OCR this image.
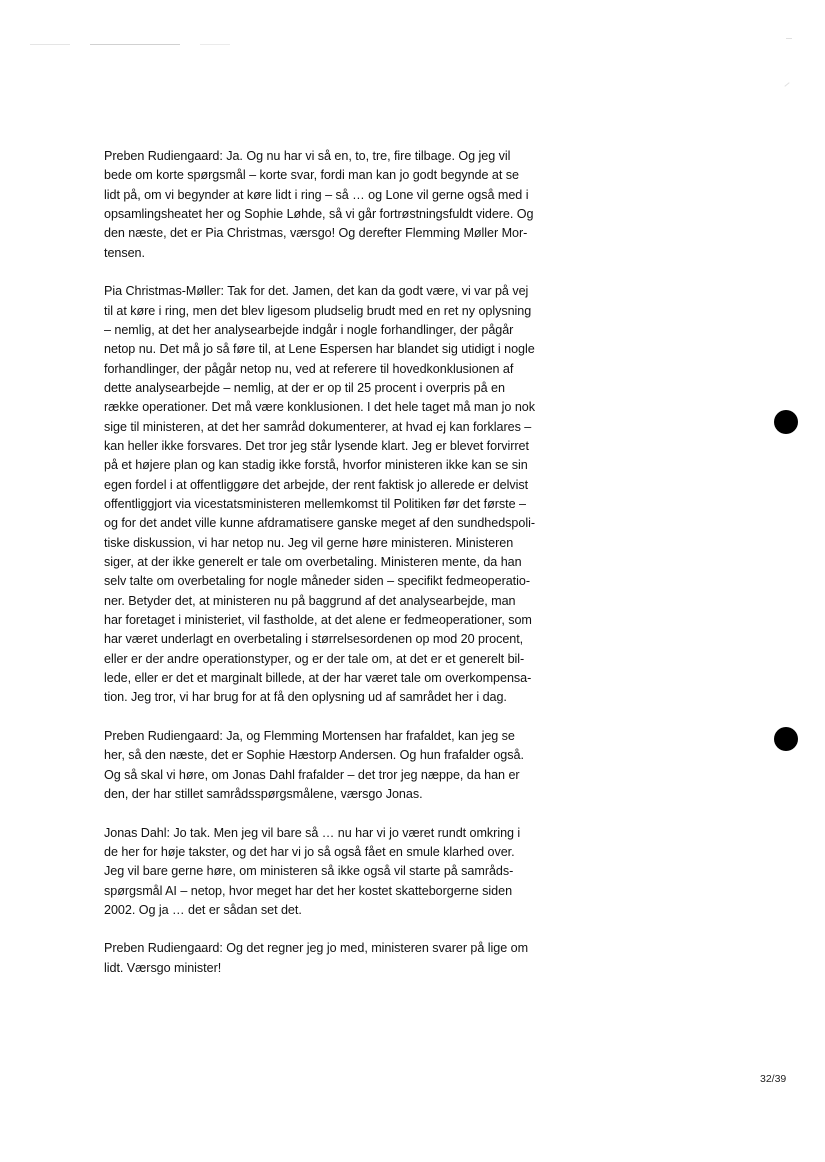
Preben Rudiengaard: Ja. Og nu har vi så en, to, tre, fire tilbage. Og jeg vil
bede om korte spørgsmål – korte svar, fordi man kan jo godt begynde at se
lidt på, om vi begynder at køre lidt i ring – så … og Lone vil gerne også med i
opsamlingsheatet her og Sophie Løhde, så vi går fortrøstningsfuldt videre. Og
den næste, det er Pia Christmas, værsgo! Og derefter Flemming Møller Mor-
tensen.

Pia Christmas-Møller: Tak for det. Jamen, det kan da godt være, vi var på vej
til at køre i ring, men det blev ligesom pludselig brudt med en ret ny oplysning
– nemlig, at det her analysearbejde indgår i nogle forhandlinger, der pågår
netop nu. Det må jo så føre til, at Lene Espersen har blandet sig utidigt i nogle
forhandlinger, der pågår netop nu, ved at referere til hovedkonklusionen af
dette analysearbejde – nemlig, at der er op til 25 procent i overpris på en
række operationer. Det må være konklusionen. I det hele taget må man jo nok
sige til ministeren, at det her samråd dokumenterer, at hvad ej kan forklares –
kan heller ikke forsvares. Det tror jeg står lysende klart. Jeg er blevet forvirret
på et højere plan og kan stadig ikke forstå, hvorfor ministeren ikke kan se sin
egen fordel i at offentliggøre det arbejde, der rent faktisk jo allerede er delvist
offentliggjort via vicestatsministeren mellemkomst til Politiken før det første –
og for det andet ville kunne afdramatisere ganske meget af den sundhedspoli-
tiske diskussion, vi har netop nu. Jeg vil gerne høre ministeren. Ministeren
siger, at der ikke generelt er tale om overbetaling. Ministeren mente, da han
selv talte om overbetaling for nogle måneder siden – specifikt fedmeoperatio-
ner. Betyder det, at ministeren nu på baggrund af det analysearbejde, man
har foretaget i ministeriet, vil fastholde, at det alene er fedmeoperationer, som
har været underlagt en overbetaling i størrelsesordenen op mod 20 procent,
eller er der andre operationstyper, og er der tale om, at det er et generelt bil-
lede, eller er det et marginalt billede, at der har været tale om overkompensa-
tion. Jeg tror, vi har brug for at få den oplysning ud af samrådet her i dag.

Preben Rudiengaard: Ja, og Flemming Mortensen har frafaldet, kan jeg se
her, så den næste, det er Sophie Hæstorp Andersen. Og hun frafalder også.
Og så skal vi høre, om Jonas Dahl frafalder – det tror jeg næppe, da han er
den, der har stillet samrådsspørgsmålene, værsgo Jonas.

Jonas Dahl: Jo tak. Men jeg vil bare så … nu har vi jo været rundt omkring i
de her for høje takster, og det har vi jo så også fået en smule klarhed over.
Jeg vil bare gerne høre, om ministeren så ikke også vil starte på samråds-
spørgsmål AI – netop, hvor meget har det her kostet skatteborgerne siden
2002. Og ja … det er sådan set det.

Preben Rudiengaard: Og det regner jeg jo med, ministeren svarer på lige om
lidt. Værsgo minister!

32/39
